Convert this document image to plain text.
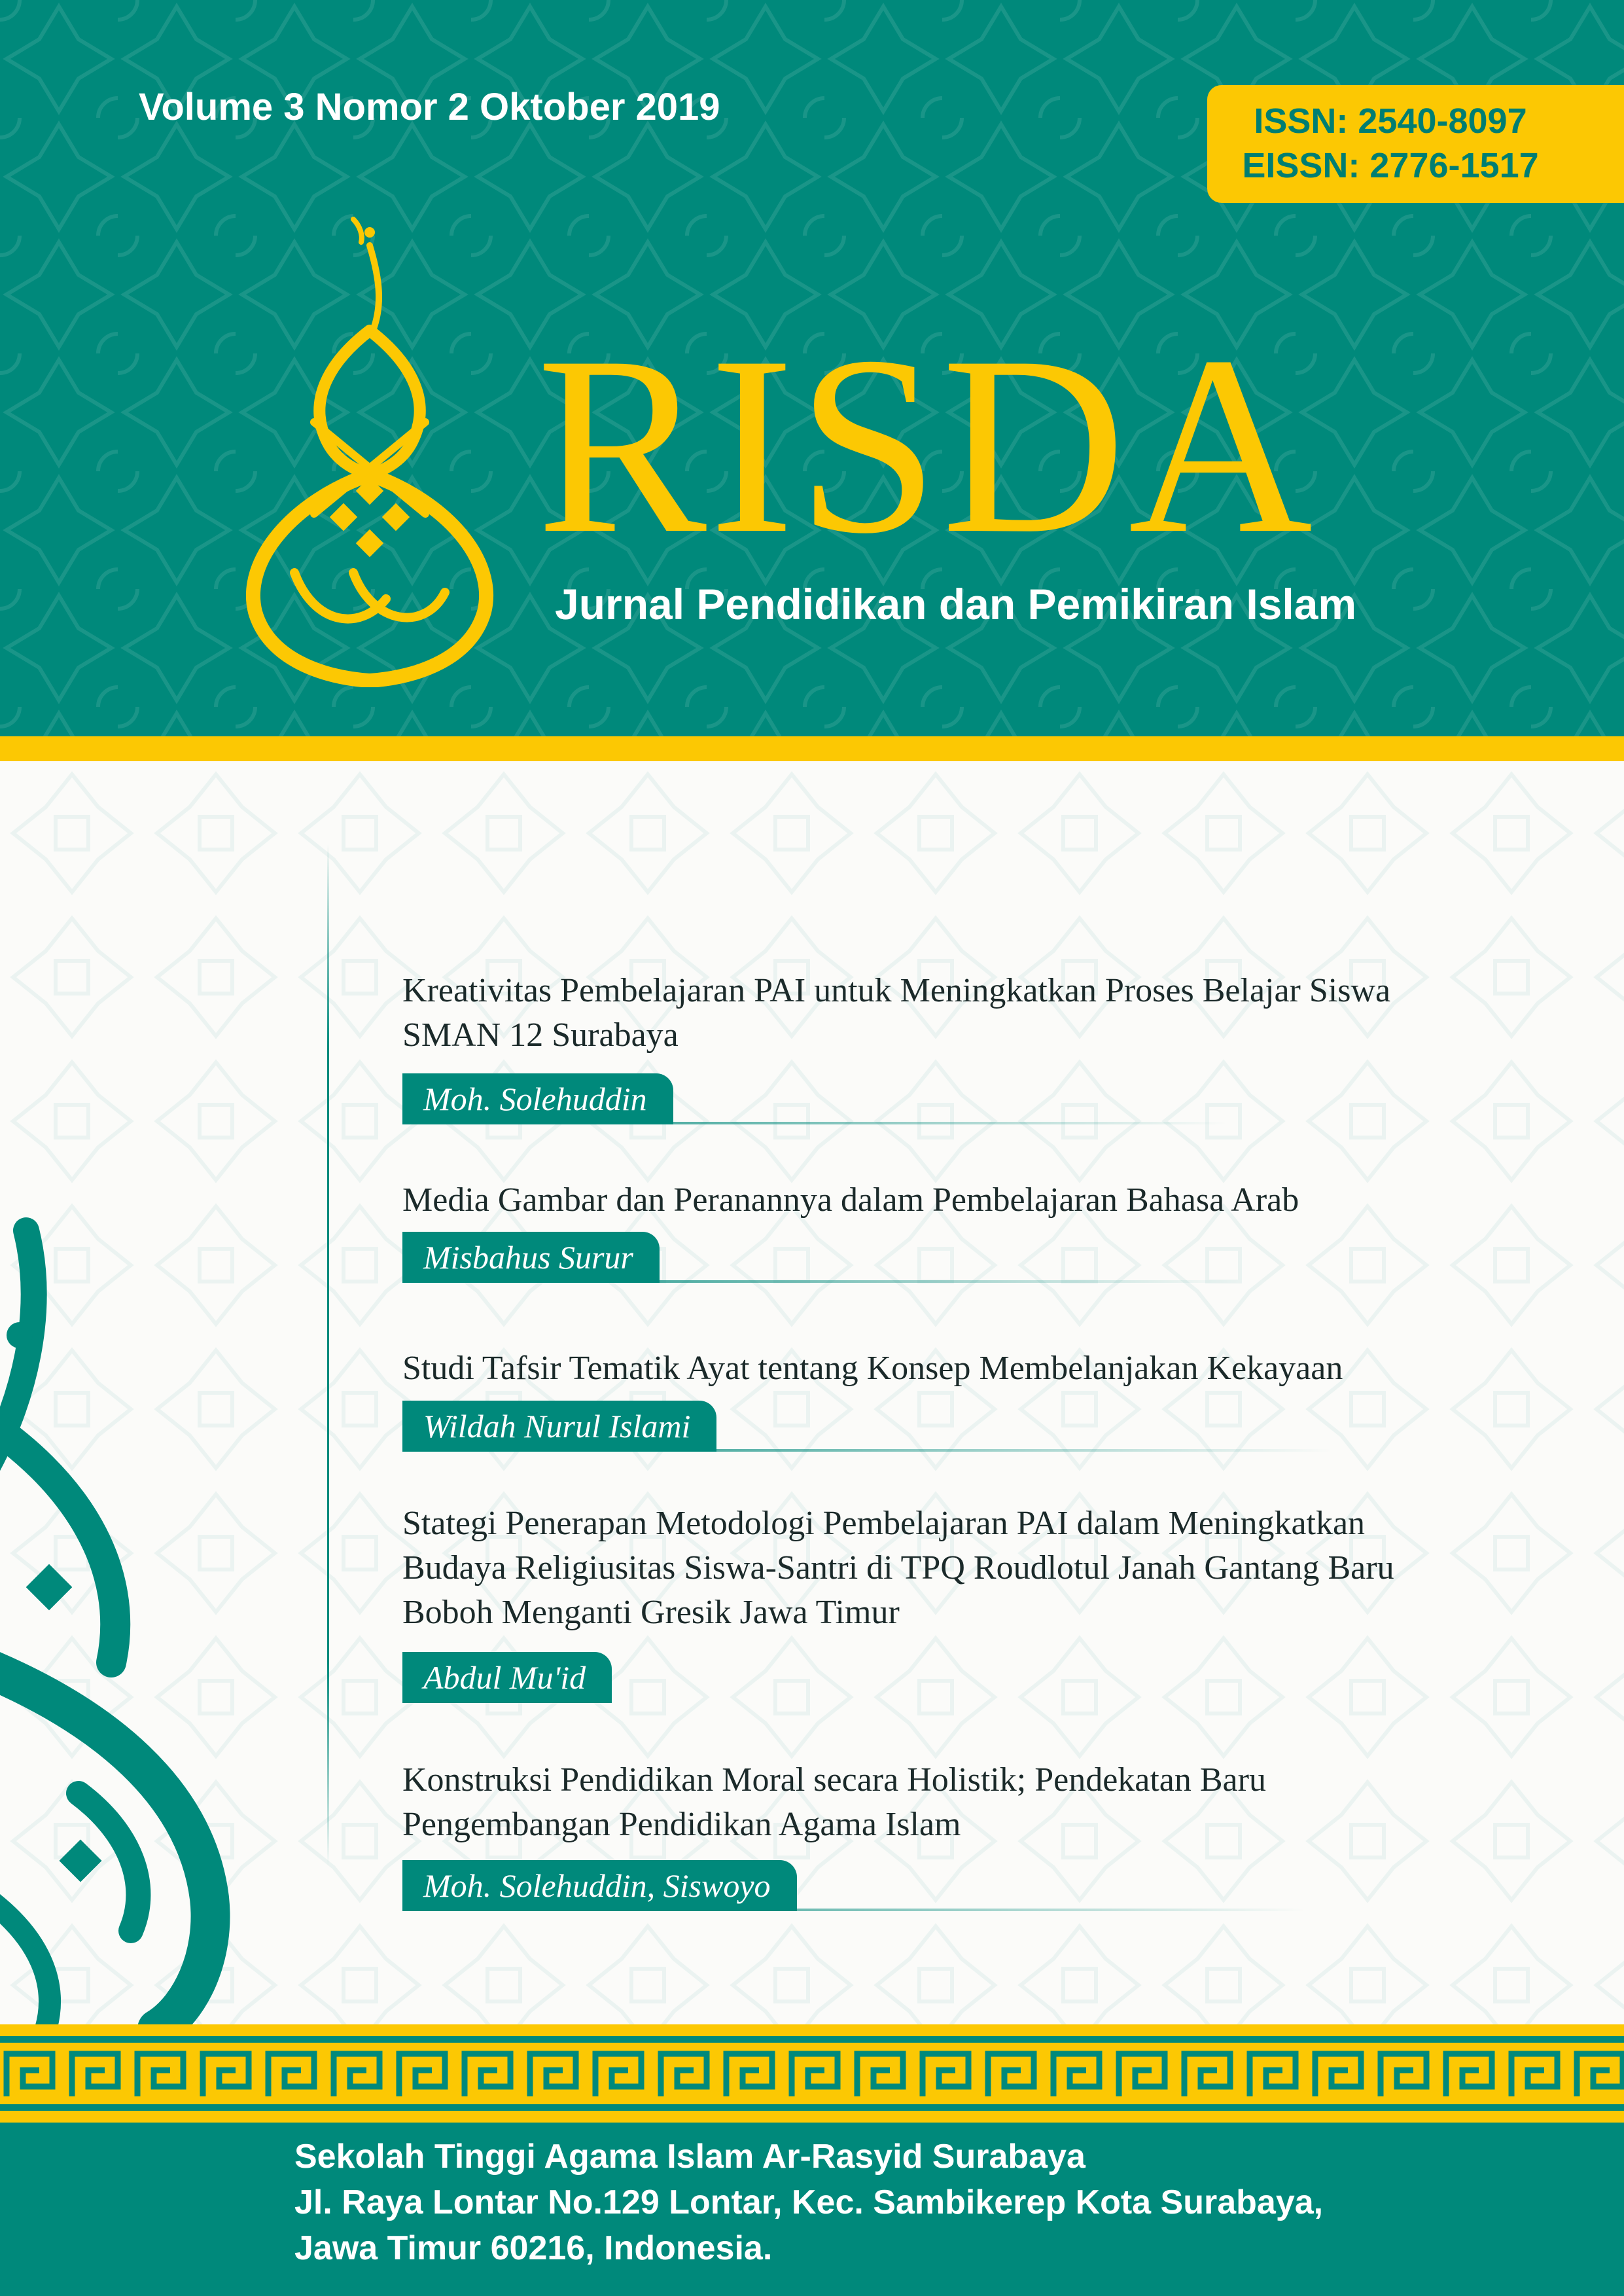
Volume 3 Nomor 2 Oktober 2019	ISSN: 2540-8097
EISSN: 2776-1517
RISDA
Jurnal Pendidikan dan Pemikiran Islam
Kreativitas Pembelajaran PAI untuk Meningkatkan Proses Belajar Siswa SMAN 12 Surabaya
Moh. Solehuddin
Media Gambar dan Peranannya dalam Pembelajaran Bahasa Arab
Misbahus Surur
Studi Tafsir Tematik Ayat tentang Konsep Membelanjakan Kekayaan
Wildah Nurul Islami
Stategi Penerapan Metodologi Pembelajaran PAI dalam Meningkatkan Budaya Religiusitas Siswa-Santri di TPQ Roudlotul Janah Gantang Baru Boboh Menganti Gresik Jawa Timur
Abdul Mu'id
Konstruksi Pendidikan Moral secara Holistik; Pendekatan Baru Pengembangan Pendidikan Agama Islam
Moh. Solehuddin, Siswoyo
Sekolah Tinggi Agama Islam Ar-Rasyid Surabaya
Jl. Raya Lontar No.129 Lontar, Kec. Sambikerep Kota Surabaya,
Jawa Timur 60216, Indonesia.
